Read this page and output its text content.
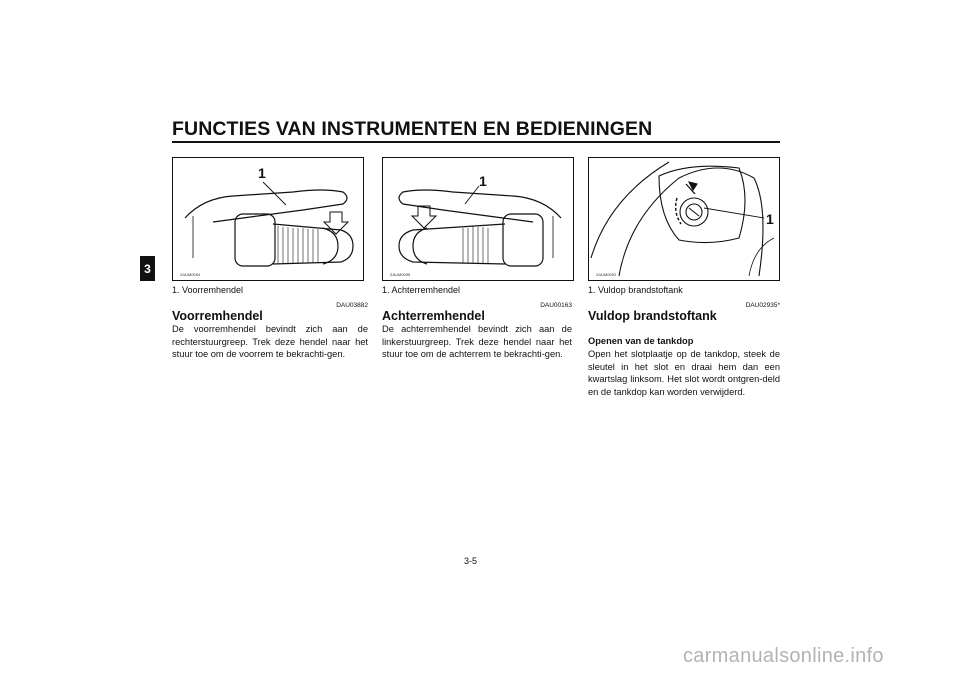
FUNCTIES VAN INSTRUMENTEN EN BEDIENINGEN
3
1
ZAUM0094
1
ZAUM0095
1
ZAUM0092
1. Voorremhendel	1. Achterremhendel	1. Vuldop brandstoftank
DAU03882	DAU00163	DAU02935*
Voorremhendel	Achterremhendel	Vuldop brandstoftank
De voorremhendel bevindt zich aan de rechterstuurgreep. Trek deze hendel naar het stuur toe om de voorrem te bekrachti-gen.
De achterremhendel bevindt zich aan de linkerstuurgreep. Trek deze hendel naar het stuur toe om de achterrem te bekrachti-gen.
Openen van de tankdop
Open het slotplaatje op de tankdop, steek de sleutel in het slot en draai hem dan een kwartslag linksom. Het slot wordt ontgren-deld en de tankdop kan worden verwijderd.
3-5
carmanualsonline.info
